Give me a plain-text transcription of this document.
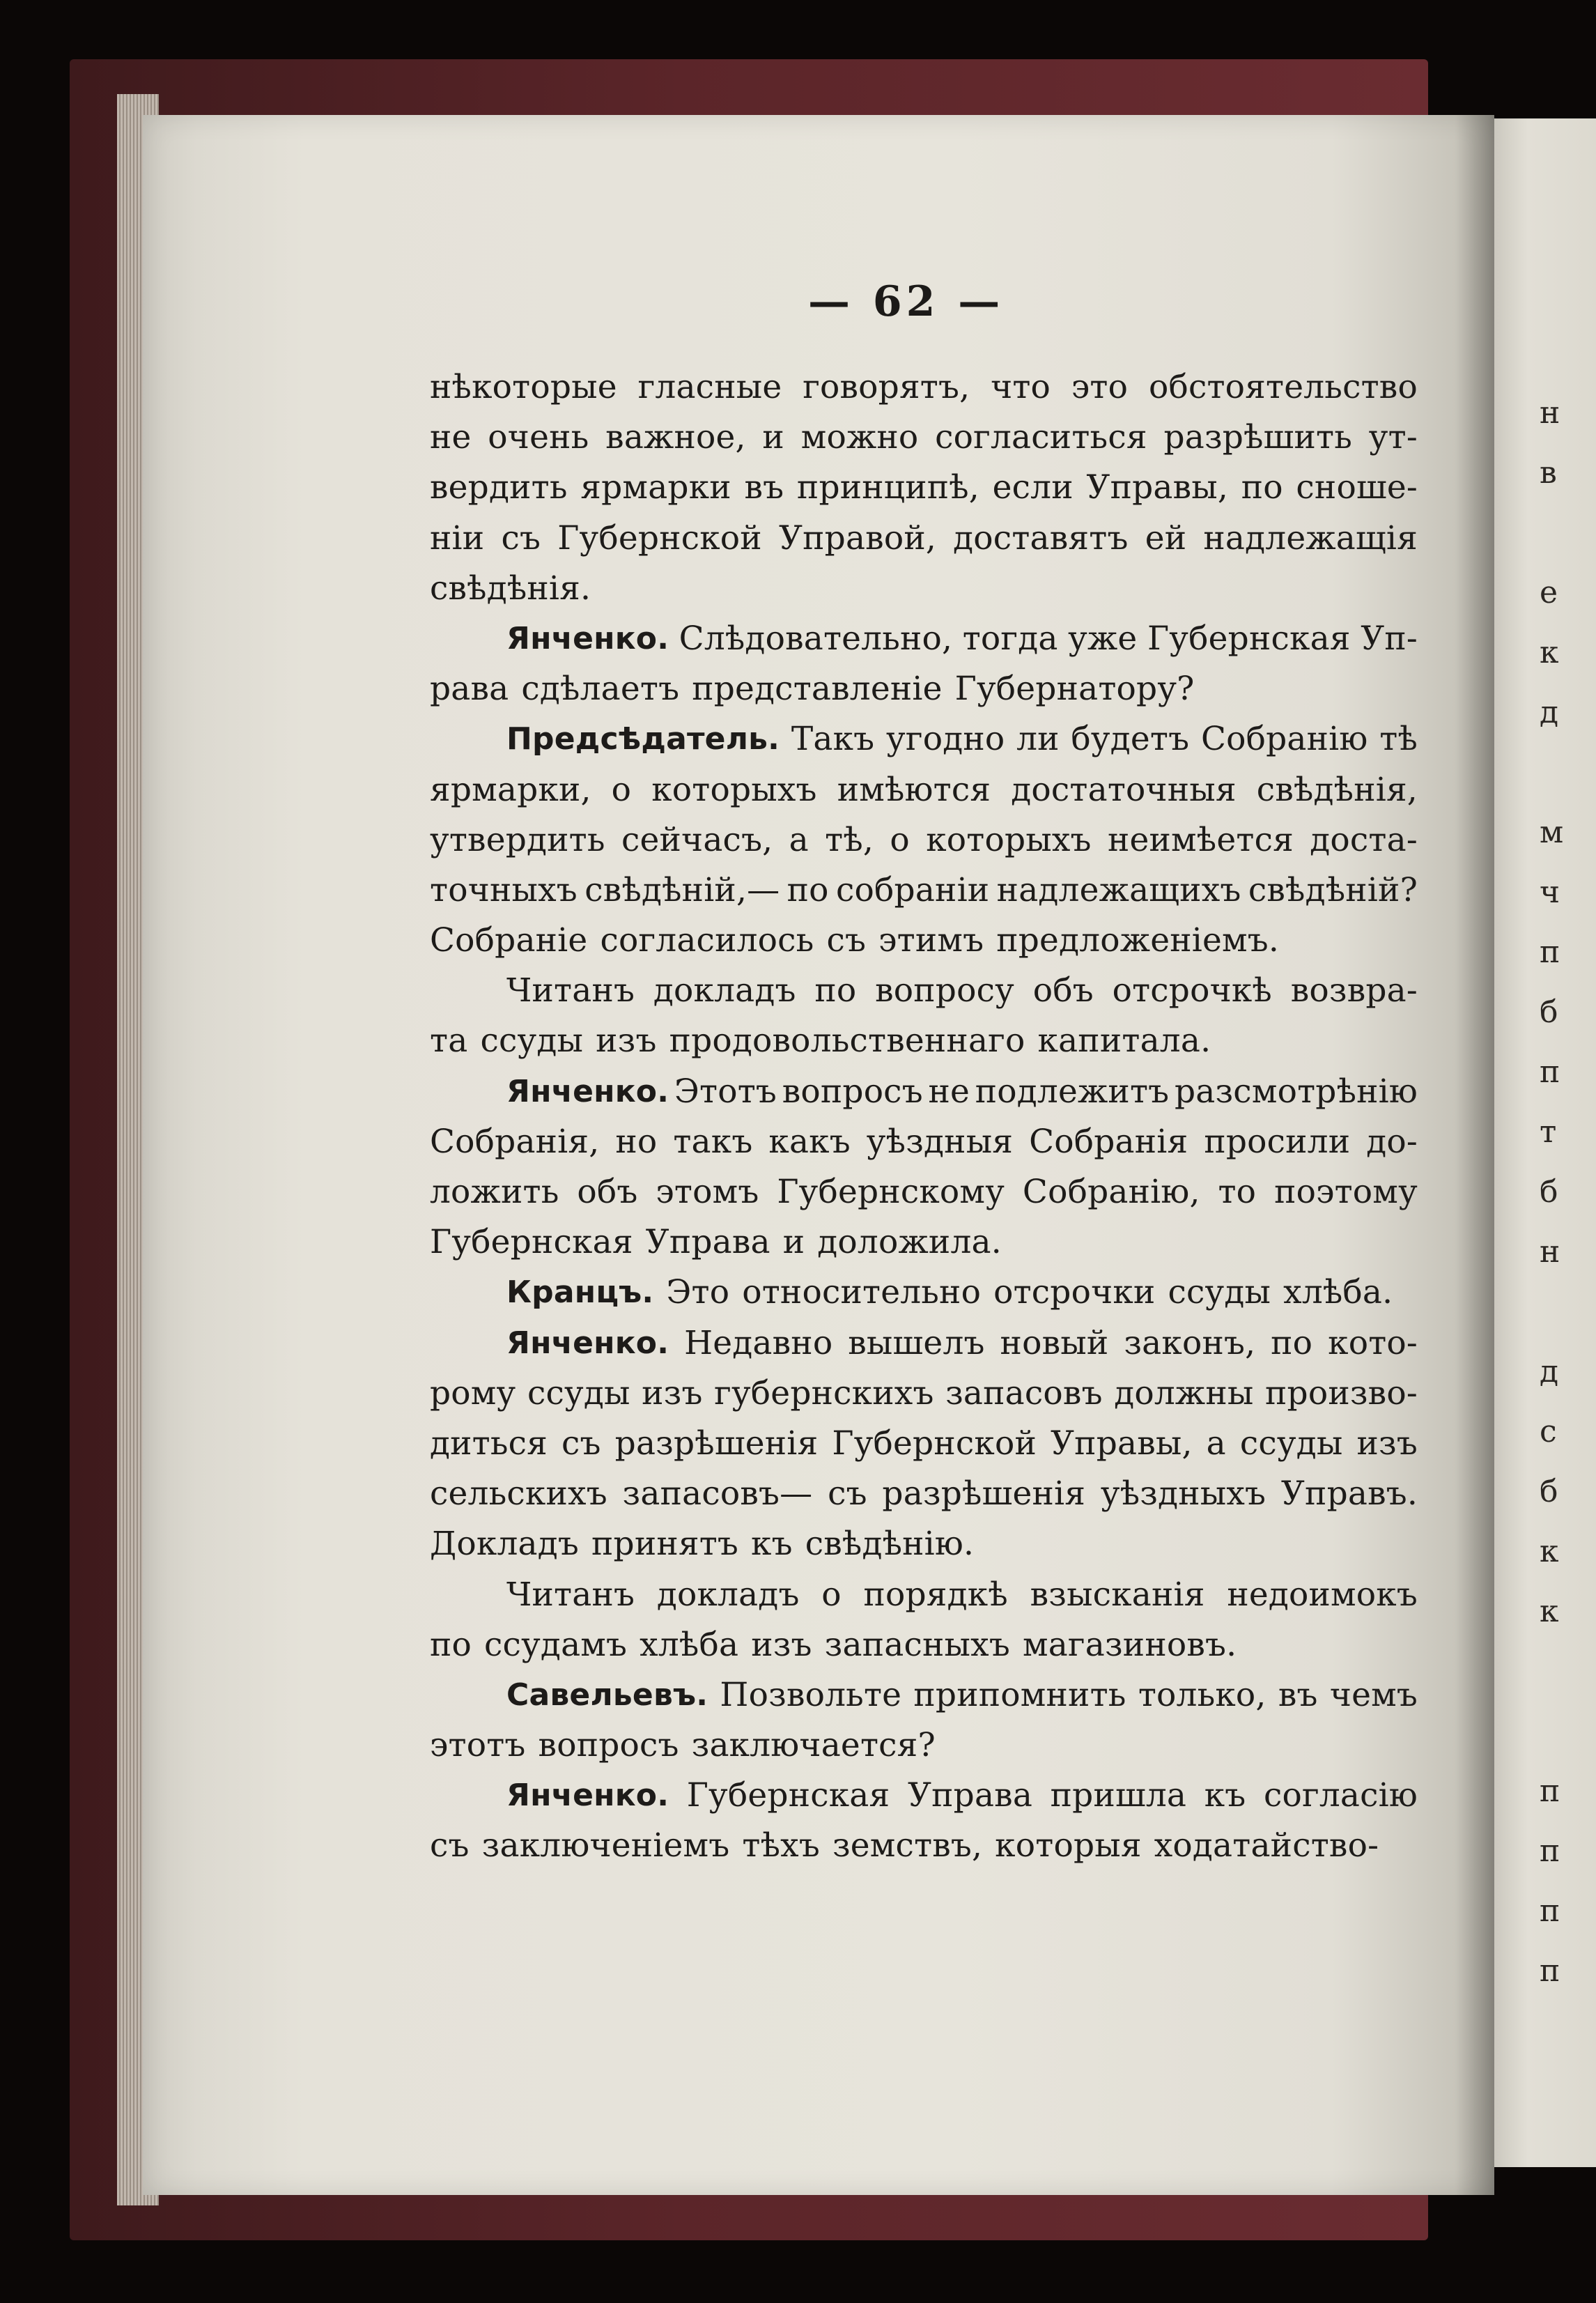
н
в

е
к
д

м
ч
п
б
п
т
б
н

д
с
б
к
к

п
п
п
п
— 62 —
нѣкоторые гласные говорятъ, что это обстоятельство
не очень важное, и можно согласиться разрѣшить ут-
вердить ярмарки въ принципѣ, если Управы, по снoше-
ніи съ Губернской Управой, доставятъ ей надлежащія
свѣдѣнія.
Янченко. Слѣдовательно, тогда уже Губернская Уп-
рава сдѣлаетъ представленіе Губернатору?
Предсѣдатель. Такъ угодно ли будетъ Собранію тѣ
ярмарки, о которыхъ имѣются достаточныя свѣдѣнія,
утвердить сейчасъ, а тѣ, о которыхъ неимѣется доста-
точныхъ свѣдѣній,— по собраніи надлежащихъ свѣдѣній?
Собраніе согласилось съ этимъ предложеніемъ.
Читанъ докладъ по вопросу объ отсрочкѣ возвра-
та ссуды изъ продовольственнаго капитала.
Янченко. Этотъ вопросъ не подлежитъ разсмотрѣнію
Собранія, но такъ какъ уѣздныя Собранія просили до-
ложить объ этомъ Губернскому Собранію, то поэтому
Губернская Управа и доложила.
Кранцъ. Это относительно отсрочки ссуды хлѣба.
Янченко. Недавно вышелъ новый законъ, по кото-
рому ссуды изъ губернскихъ запасовъ должны произво-
диться съ разрѣшенія Губернской Управы, а ссуды изъ
сельскихъ запасовъ— съ разрѣшенія уѣздныхъ Управъ.
Докладъ принятъ къ свѣдѣнію.
Читанъ докладъ о порядкѣ взысканія недоимокъ
по ссудамъ хлѣба изъ запасныхъ магазиновъ.
Савельевъ. Позвольте припомнить только, въ чемъ
этотъ вопросъ заключается?
Янченко. Губернская Управа пришла къ согласію
съ заключеніемъ тѣхъ земствъ, которыя ходатайство-
